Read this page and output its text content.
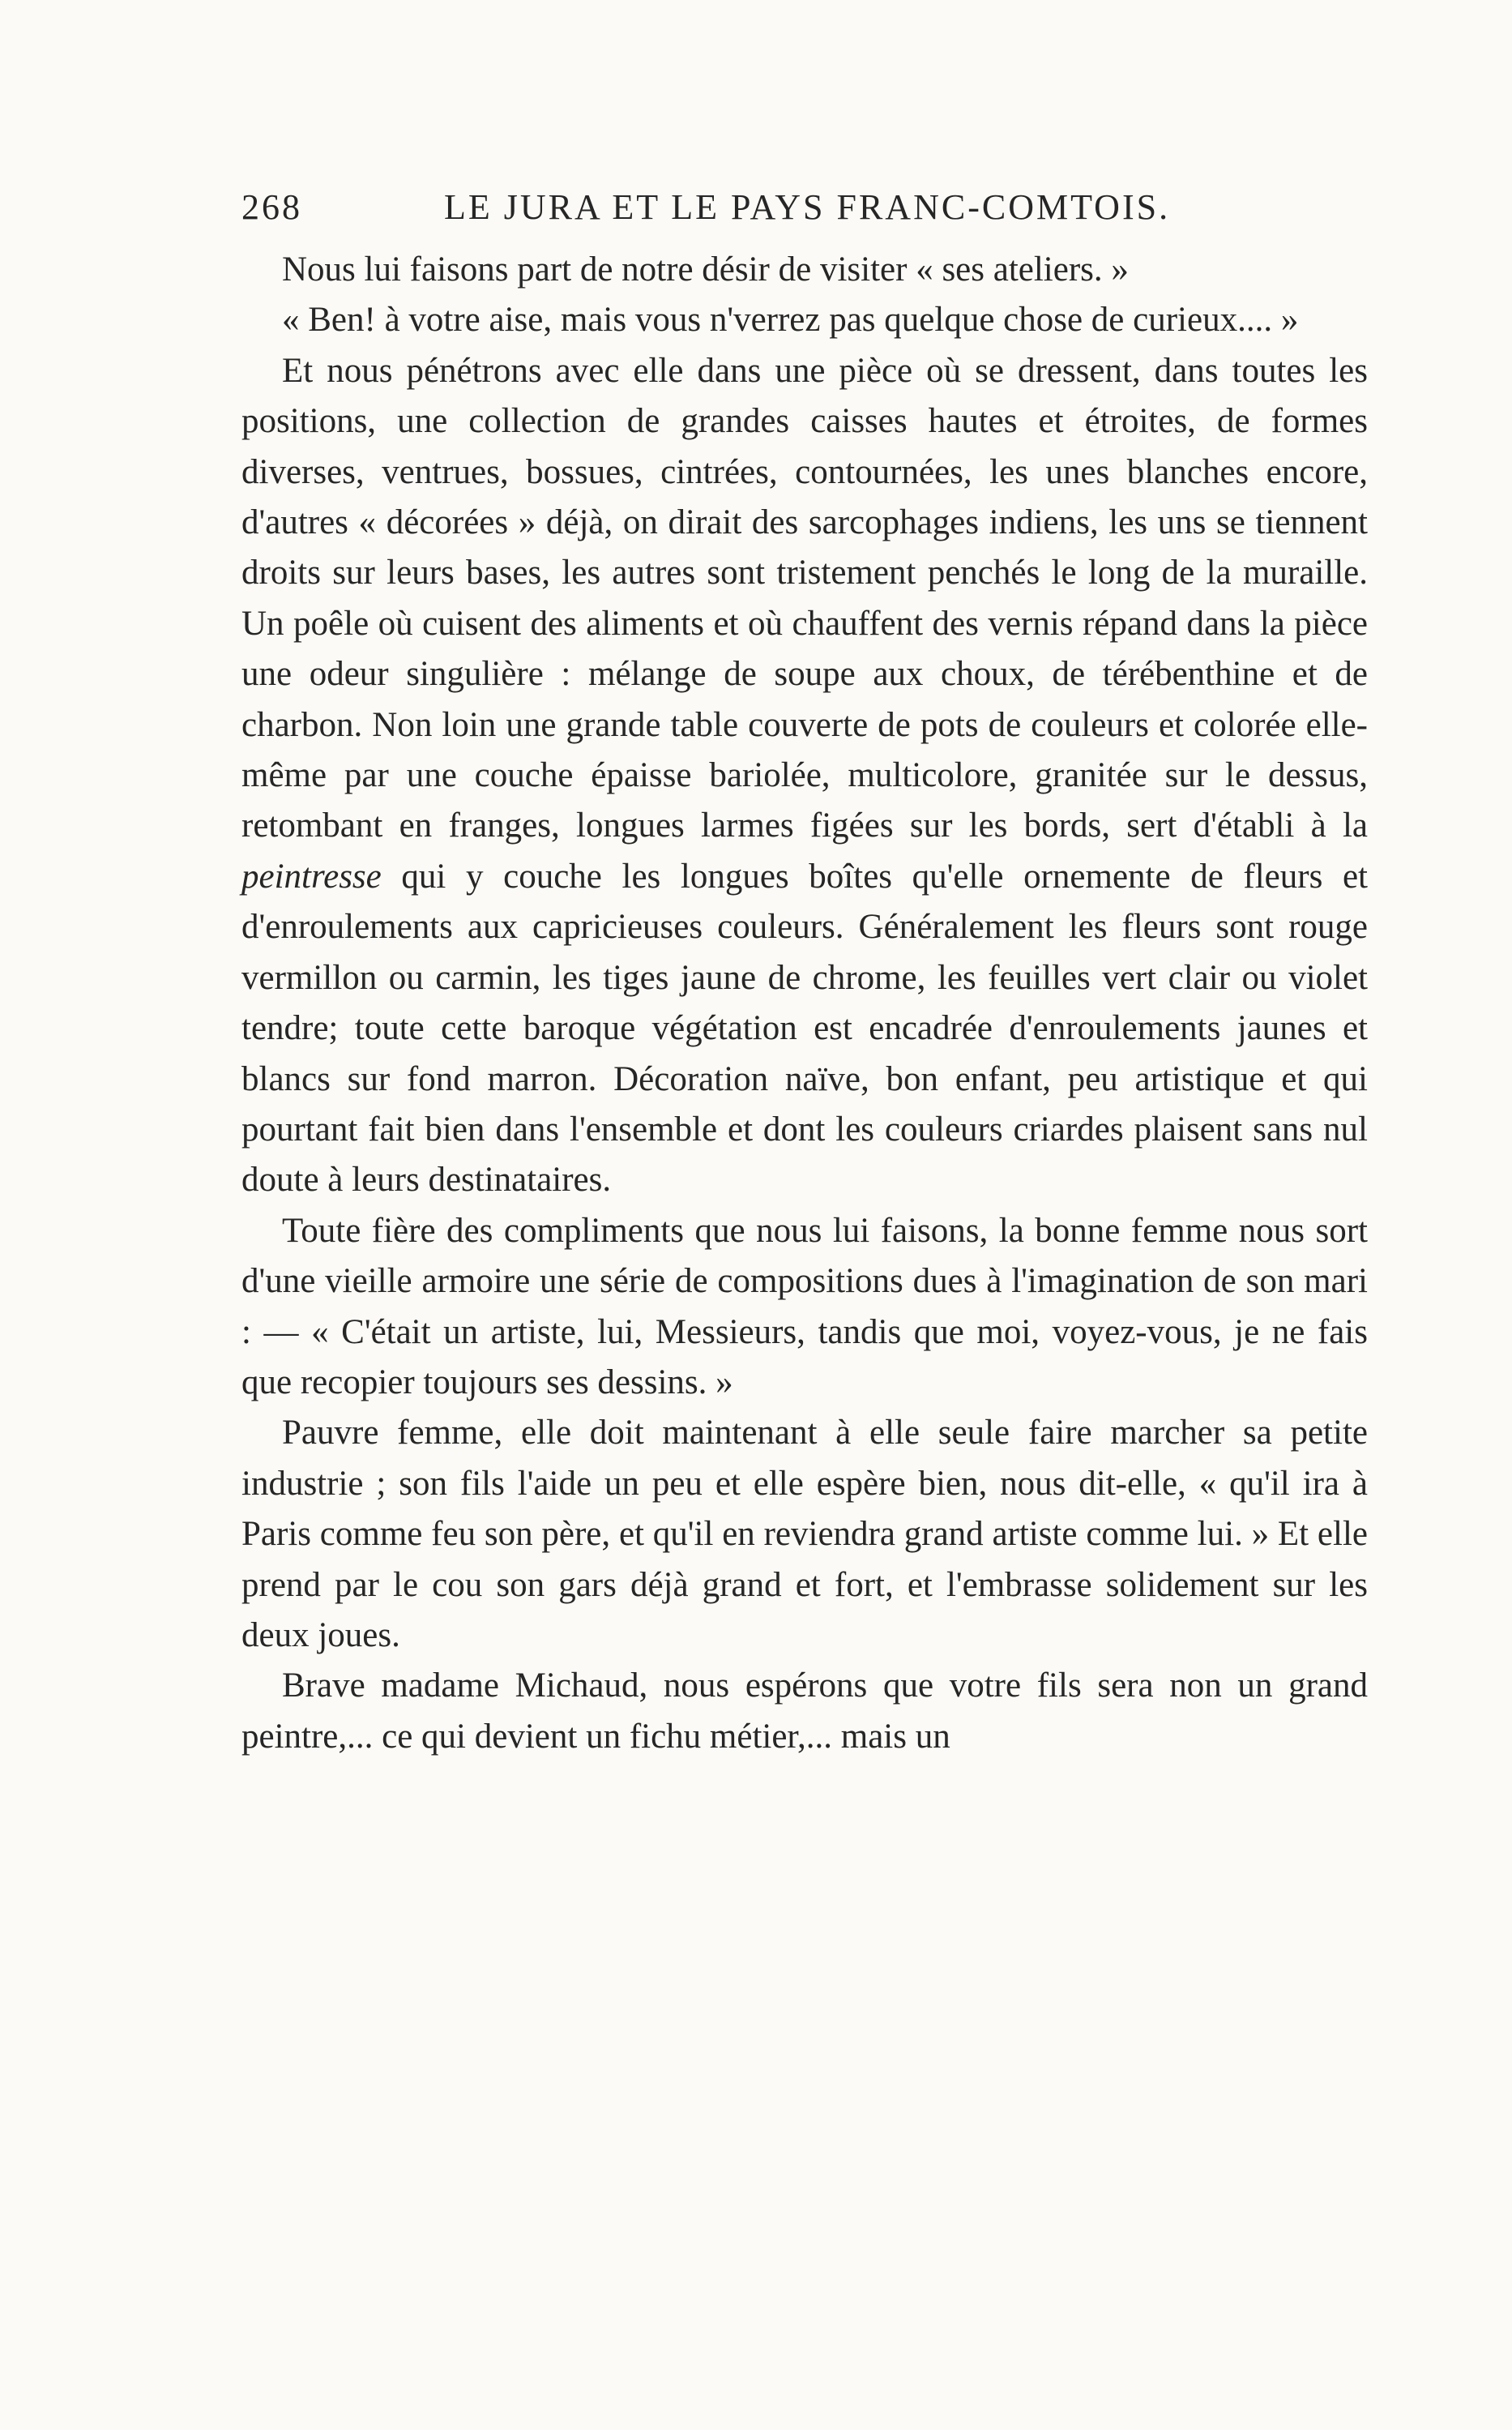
268	LE JURA ET LE PAYS FRANC-COMTOIS.

Nous lui faisons part de notre désir de visiter « ses ateliers. »

« Ben! à votre aise, mais vous n'verrez pas quelque chose de curieux.... »

Et nous pénétrons avec elle dans une pièce où se dressent, dans toutes les positions, une collection de grandes caisses hautes et étroites, de formes diverses, ventrues, bossues, cintrées, contournées, les unes blanches encore, d'autres « décorées » déjà, on dirait des sarcophages indiens, les uns se tiennent droits sur leurs bases, les autres sont tristement penchés le long de la muraille. Un poêle où cuisent des aliments et où chauffent des vernis répand dans la pièce une odeur singulière : mélange de soupe aux choux, de térébenthine et de charbon. Non loin une grande table couverte de pots de couleurs et colorée elle-même par une couche épaisse bariolée, multicolore, granitée sur le dessus, retombant en franges, longues larmes figées sur les bords, sert d'établi à la peintresse qui y couche les longues boîtes qu'elle ornemente de fleurs et d'enroulements aux capricieuses couleurs. Généralement les fleurs sont rouge vermillon ou carmin, les tiges jaune de chrome, les feuilles vert clair ou violet tendre; toute cette baroque végétation est encadrée d'enroulements jaunes et blancs sur fond marron. Décoration naïve, bon enfant, peu artistique et qui pourtant fait bien dans l'ensemble et dont les couleurs criardes plaisent sans nul doute à leurs destinataires.

Toute fière des compliments que nous lui faisons, la bonne femme nous sort d'une vieille armoire une série de compositions dues à l'imagination de son mari : — « C'était un artiste, lui, Messieurs, tandis que moi, voyez-vous, je ne fais que recopier toujours ses dessins. »

Pauvre femme, elle doit maintenant à elle seule faire marcher sa petite industrie ; son fils l'aide un peu et elle espère bien, nous dit-elle, « qu'il ira à Paris comme feu son père, et qu'il en reviendra grand artiste comme lui. » Et elle prend par le cou son gars déjà grand et fort, et l'embrasse solidement sur les deux joues.

Brave madame Michaud, nous espérons que votre fils sera non un grand peintre,... ce qui devient un fichu métier,... mais un
